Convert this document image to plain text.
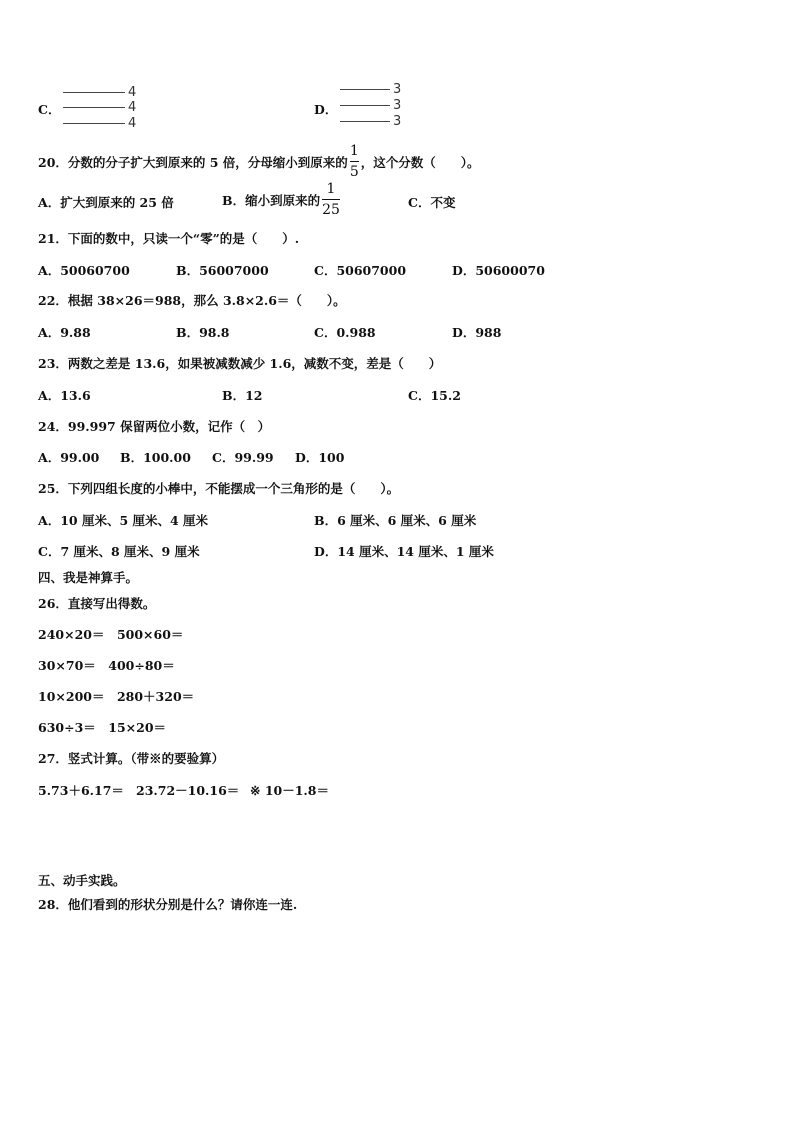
C．
4
4
4
D．
3
3
3
20．分数的分子扩大到原来的 5 倍，分母缩小到原来的 $\frac{1}{5}$ ，这个分数（　　）。
A．扩大到原来的 25 倍	B．缩小到原来的 $\frac{1}{25}$	C．不变
21．下面的数中，只读一个“零”的是（　　）.
A．50060700	B．56007000	C．50607000	D．50600070
22．根据 38×26＝988，那么 3.8×2.6＝（　　）。
A．9.88	B．98.8	C．0.988	D．988
23．两数之差是 13.6，如果被减数减少 1.6，减数不变，差是（　　）
A．13.6	B．12	C．15.2
24．99.997 保留两位小数，记作（　）
A．99.00 B．100.00 C．99.99 D．100
25．下列四组长度的小棒中，不能摆成一个三角形的是（　　）。
A．10 厘米、5 厘米、4 厘米	B．6 厘米、6 厘米、6 厘米
C．7 厘米、8 厘米、9 厘米	D．14 厘米、14 厘米、1 厘米
四、我是神算手。
26．直接写出得数。
240×20＝　500×60＝
30×70＝　400÷80＝
10×200＝　280＋320＝
630÷3＝　15×20＝
27．竖式计算。（带※的要验算）
5.73＋6.17＝ 23.72－10.16＝ ※ 10－1.8＝
五、动手实践。
28．他们看到的形状分别是什么？请你连一连.
